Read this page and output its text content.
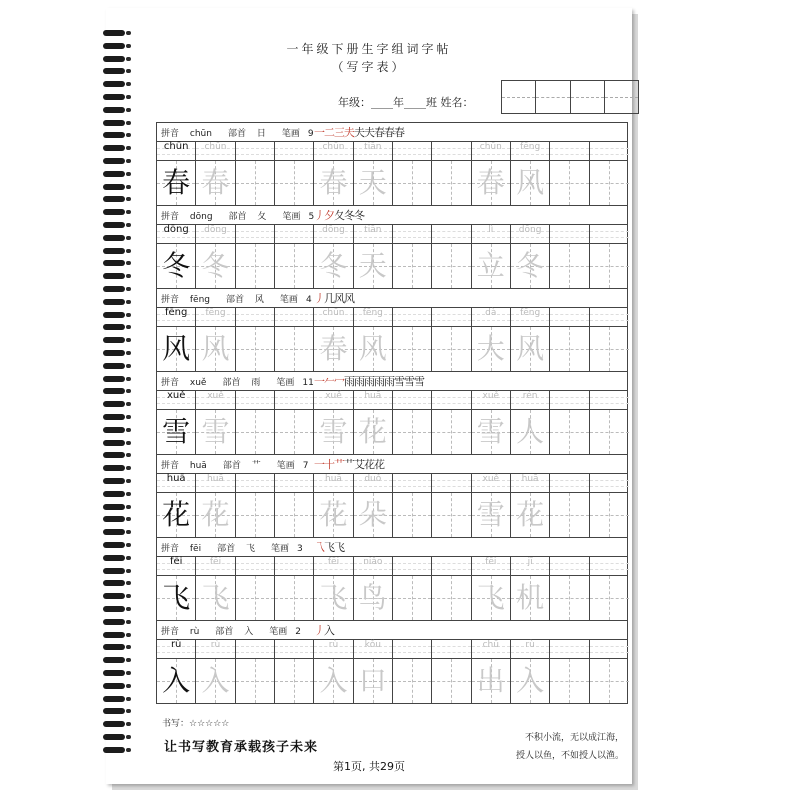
一年级下册生字组词字帖
（写字表）
年级：____年____班 姓名：
拼音 chūn 部首 日 笔画 9 一二三夫夫夫春春春
chūn	chūn	chūn	tiān	chūn	fēng
春 春	春 天	春 风
拼音 dōng 部首 夂 笔画 5 丿夕夂冬冬
dōng	dōng	dōng	tiān	lì	dōng
冬 冬	冬 天	立 冬
拼音 fēng 部首 风 笔画 4 丿几风风
fēng	fēng	chūn	fēng	dà	fēng
风 风	春 风	大 风
拼音 xuě 部首 雨 笔画 11 一𠂉冖雨雨雨雨雨雪雪雪
xuě	xuě	xuě	huā	xuě	rén
雪 雪	雪 花	雪 人
拼音 huā 部首 艹 笔画 7 一十艹艹艾花花
huā	huā	huā	duǒ	xuě	huā
花 花	花 朵	雪 花
拼音 fēi 部首 飞 笔画 3	乁飞飞
fēi	fēi	fēi	niǎo	fēi	jī
飞 飞	飞 鸟	飞 机
拼音 rù 部首 入 笔画 2	丿入
rù	rù	rù	kǒu	chū	rù
入 入	入 口	出 入
书写：☆☆☆☆☆
让书写教育承载孩子未来
第1页, 共29页
不积小流，无以成江海，
授人以鱼，不如授人以渔。
